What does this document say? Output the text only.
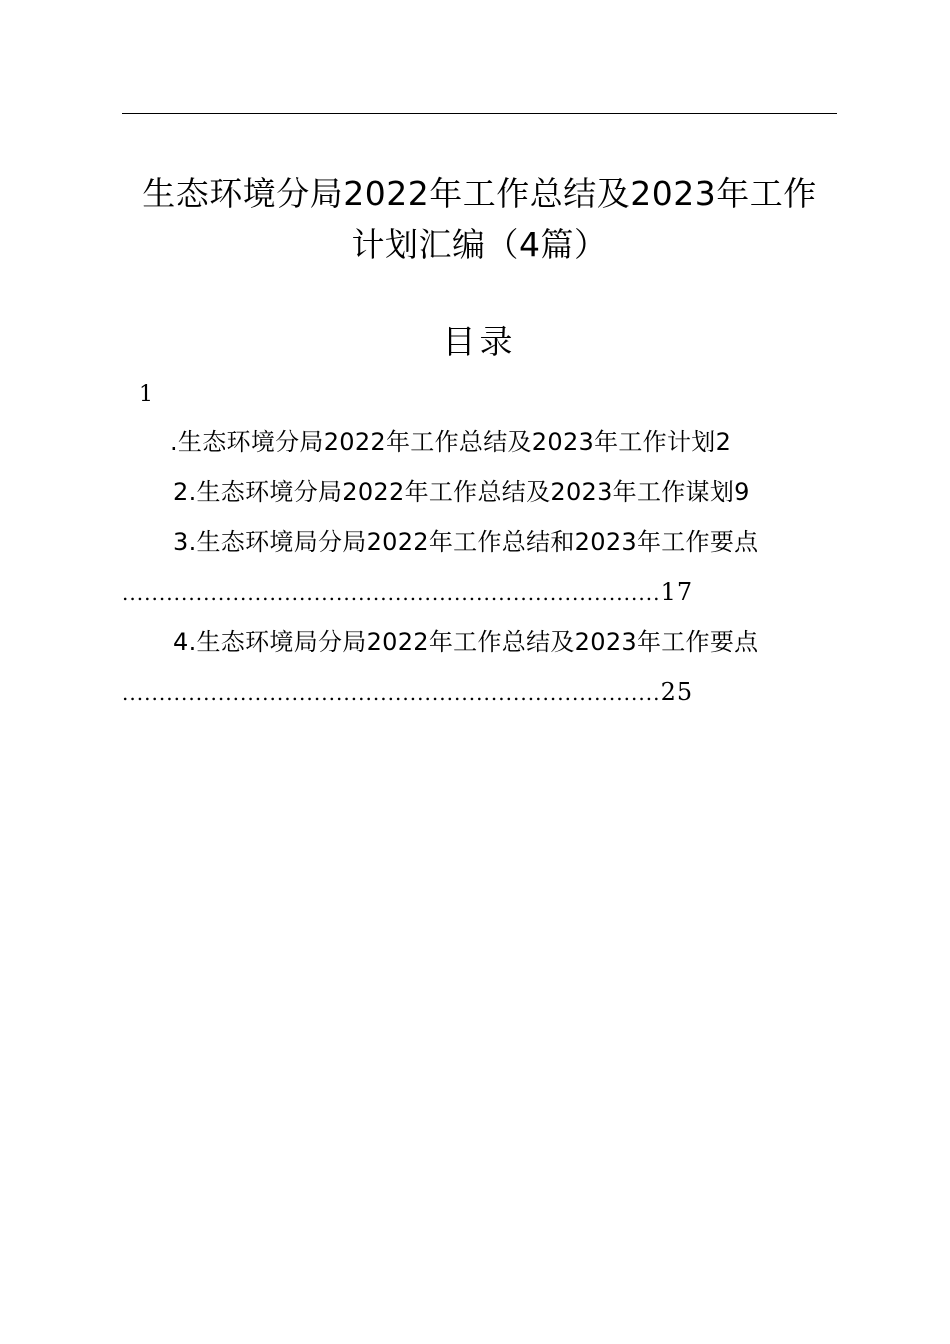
生态环境分局2022年工作总结及2023年工作
计划汇编（4篇）
目录
1
.生态环境分局2022年工作总结及2023年工作计划2
2.生态环境分局2022年工作总结及2023年工作谋划9
3.生态环境局分局2022年工作总结和2023年工作要点
.........................................................................17
4.生态环境局分局2022年工作总结及2023年工作要点
.........................................................................25
